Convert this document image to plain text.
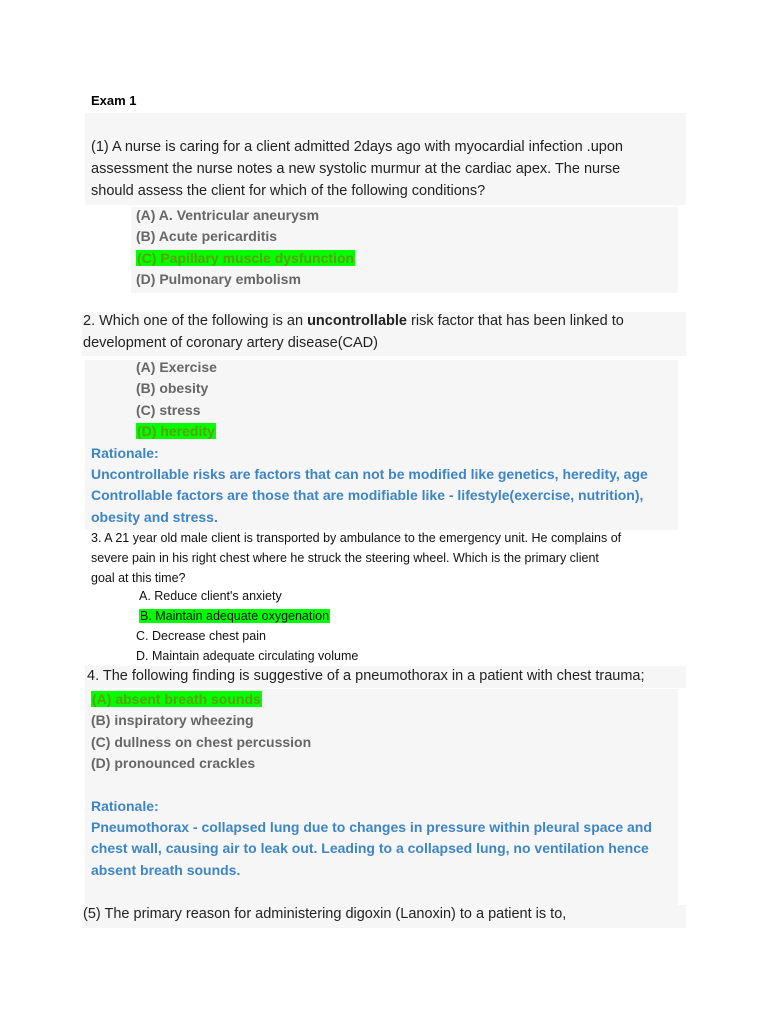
Exam 1
(1) A nurse is caring for a client admitted 2days ago with myocardial infection .upon
assessment the nurse notes a new systolic murmur at the cardiac apex. The nurse
should assess the client for which of the following conditions?
(A) A. Ventricular aneurysm
(B) Acute pericarditis
(C) Papillary muscle dysfunction
(D) Pulmonary embolism
2. Which one of the following is an uncontrollable risk factor that has been linked to
development of coronary artery disease(CAD)
(A) Exercise
(B) obesity
(C) stress
(D) heredity
Rationale:
Uncontrollable risks are factors that can not be modified like genetics, heredity, age
Controllable factors are those that are modifiable like - lifestyle(exercise, nutrition),
obesity and stress.
3. A 21 year old male client is transported by ambulance to the emergency unit. He complains of
severe pain in his right chest where he struck the steering wheel. Which is the primary client
goal at this time?
A. Reduce client's anxiety
B. Maintain adequate oxygenation
C. Decrease chest pain
D. Maintain adequate circulating volume
4. The following finding is suggestive of a pneumothorax in a patient with chest trauma;
(A) absent breath sounds
(B) inspiratory wheezing
(C) dullness on chest percussion
(D) pronounced crackles
Rationale:
Pneumothorax - collapsed lung due to changes in pressure within pleural space and
chest wall, causing air to leak out. Leading to a collapsed lung, no ventilation hence
absent breath sounds.
(5) The primary reason for administering digoxin (Lanoxin) to a patient is to,
